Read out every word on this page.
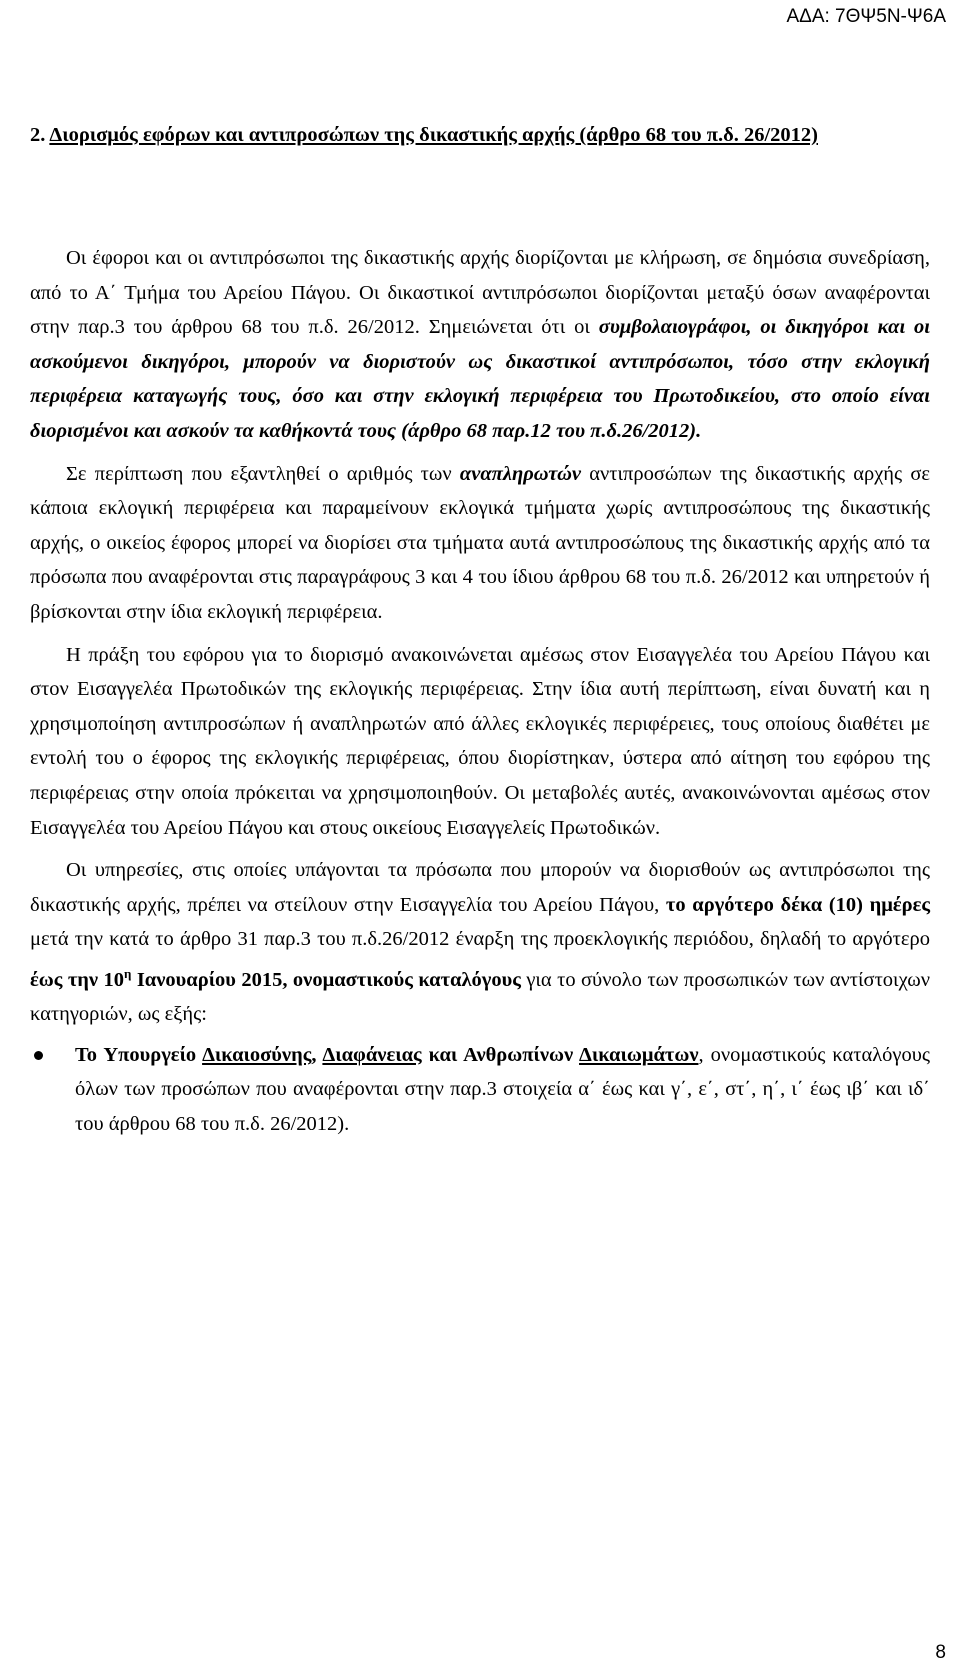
ΑΔΑ: 7ΘΨ5Ν-Ψ6Α
2. Διορισμός εφόρων και αντιπροσώπων της δικαστικής αρχής (άρθρο 68 του π.δ. 26/2012)

Οι έφοροι και οι αντιπρόσωποι της δικαστικής αρχής διορίζονται με κλήρωση, σε δημόσια συνεδρίαση, από το Α΄ Τμήμα του Αρείου Πάγου. Οι δικαστικοί αντιπρόσωποι διορίζονται μεταξύ όσων αναφέρονται στην παρ.3 του άρθρου 68 του π.δ. 26/2012. Σημειώνεται ότι οι συμβολαιογράφοι, οι δικηγόροι και οι ασκούμενοι δικηγόροι, μπορούν να διοριστούν ως δικαστικοί αντιπρόσωποι, τόσο στην εκλογική περιφέρεια καταγωγής τους, όσο και στην εκλογική περιφέρεια του Πρωτοδικείου, στο οποίο είναι διορισμένοι και ασκούν τα καθήκοντά τους (άρθρο 68 παρ.12 του π.δ.26/2012).

Σε περίπτωση που εξαντληθεί ο αριθμός των αναπληρωτών αντιπροσώπων της δικαστικής αρχής σε κάποια εκλογική περιφέρεια και παραμείνουν εκλογικά τμήματα χωρίς αντιπροσώπους της δικαστικής αρχής, ο οικείος έφορος μπορεί να διορίσει στα τμήματα αυτά αντιπροσώπους της δικαστικής αρχής από τα πρόσωπα που αναφέρονται στις παραγράφους 3 και 4 του ίδιου άρθρου 68 του π.δ. 26/2012 και υπηρετούν ή βρίσκονται στην ίδια εκλογική περιφέρεια.

Η πράξη του εφόρου για το διορισμό ανακοινώνεται αμέσως στον Εισαγγελέα του Αρείου Πάγου και στον Εισαγγελέα Πρωτοδικών της εκλογικής περιφέρειας. Στην ίδια αυτή περίπτωση, είναι δυνατή και η χρησιμοποίηση αντιπροσώπων ή αναπληρωτών από άλλες εκλογικές περιφέρειες, τους οποίους διαθέτει με εντολή του ο έφορος της εκλογικής περιφέρειας, όπου διορίστηκαν, ύστερα από αίτηση του εφόρου της περιφέρειας στην οποία πρόκειται να χρησιμοποιηθούν. Οι μεταβολές αυτές, ανακοινώνονται αμέσως στον Εισαγγελέα του Αρείου Πάγου και στους οικείους Εισαγγελείς Πρωτοδικών.

Οι υπηρεσίες, στις οποίες υπάγονται τα πρόσωπα που μπορούν να διορισθούν ως αντιπρόσωποι της δικαστικής αρχής, πρέπει να στείλουν στην Εισαγγελία του Αρείου Πάγου, το αργότερο δέκα (10) ημέρες μετά την κατά το άρθρο 31 παρ.3 του π.δ.26/2012 έναρξη της προεκλογικής περιόδου, δηλαδή το αργότερο έως την $10^\eta$ Ιανουαρίου 2015, ονομαστικούς καταλόγους για το σύνολο των προσωπικών των αντίστοιχων κατηγοριών, ως εξής:

Το Υπουργείο Δικαιοσύνης, Διαφάνειας και Ανθρωπίνων Δικαιωμάτων, ονομαστικούς καταλόγους όλων των προσώπων που αναφέρονται στην παρ.3 στοιχεία α΄ έως και γ΄, ε΄, στ΄, η΄, ι΄ έως ιβ΄ και ιδ΄ του άρθρου 68 του π.δ. 26/2012).
8
